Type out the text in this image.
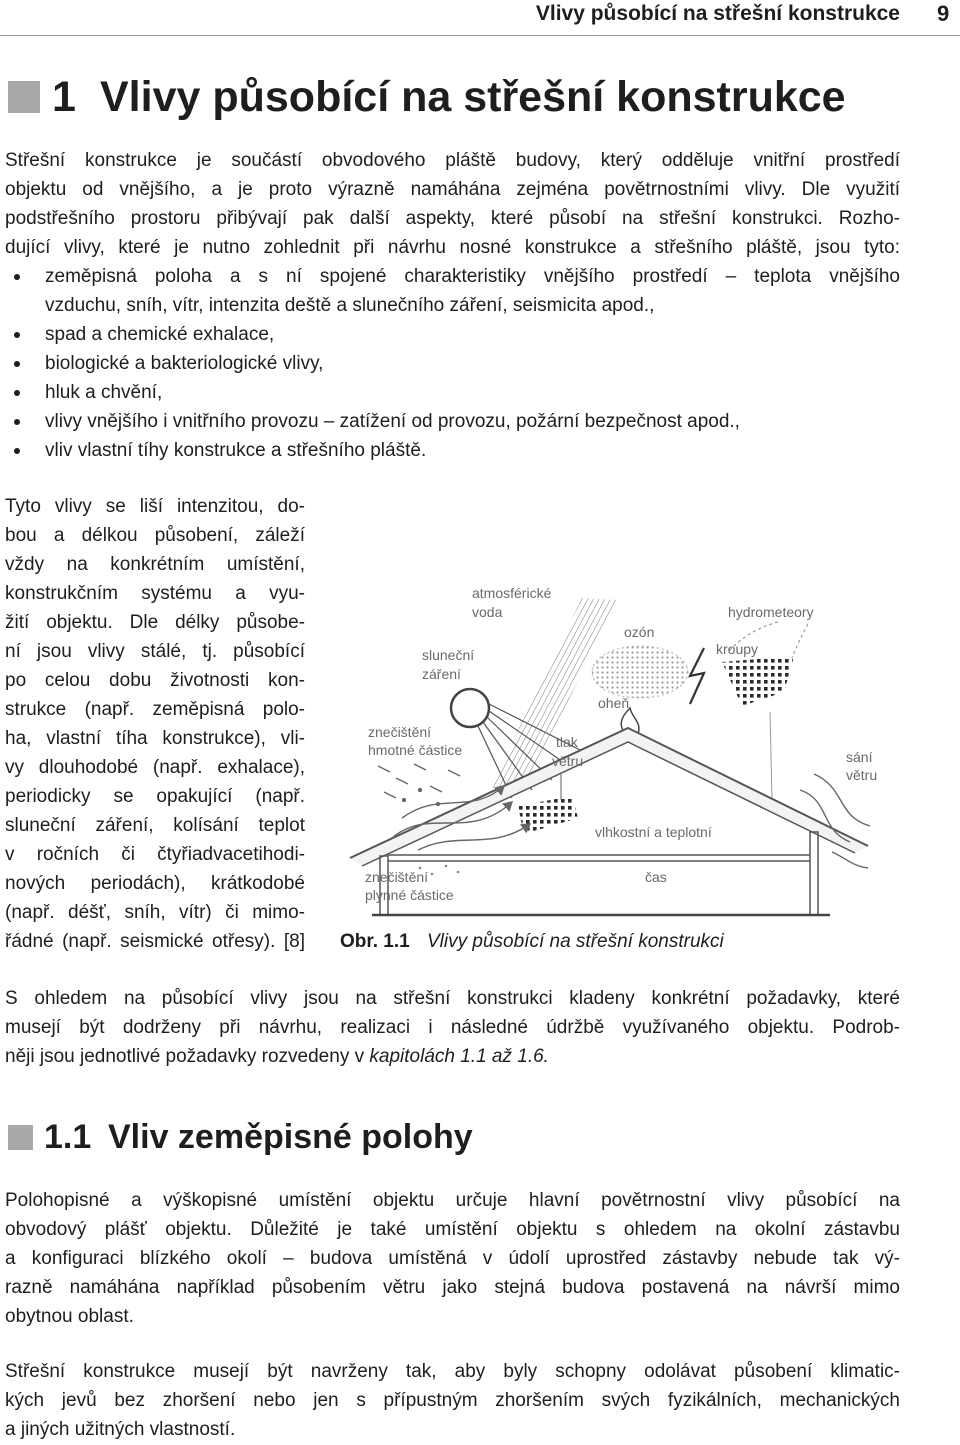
Vlivy působící na střešní konstrukce 9
1 Vlivy působící na střešní konstrukce
Střešní konstrukce je součástí obvodového pláště budovy, který odděluje vnitřní prostředí
objektu od vnějšího, a je proto výrazně namáhána zejména povětrnostními vlivy. Dle využití
podstřešního prostoru přibývají pak další aspekty, které působí na střešní konstrukci. Rozho-
dující vlivy, které je nutno zohlednit při návrhu nosné konstrukce a střešního pláště, jsou tyto:
zeměpisná poloha a s ní spojené charakteristiky vnějšího prostředí – teplota vnějšího
vzduchu, sníh, vítr, intenzita deště a slunečního záření, seismicita apod.,
spad a chemické exhalace,
biologické a bakteriologické vlivy,
hluk a chvění,
vlivy vnějšího i vnitřního provozu – zatížení od provozu, požární bezpečnost apod.,
vliv vlastní tíhy konstrukce a střešního pláště.
Tyto vlivy se liší intenzitou, do-
bou a délkou působení, záleží
vždy na konkrétním umístění,
konstrukčním systému a vyu-
žití objektu. Dle délky působe-
ní jsou vlivy stálé, tj. působící
po celou dobu životnosti kon-
strukce (např. zeměpisná polo-
ha, vlastní tíha konstrukce), vli-
vy dlouhodobé (např. exhalace),
periodicky se opakující (např.
sluneční záření, kolísání teplot
v ročních či čtyřiadvacetihodi-
nových periodách), krátkodobé
(např. déšť, sníh, vítr) či mimo-
řádné (např. seismické otřesy). [8]
atmosférické
voda
ozón
hydrometeory
kroupy
sluneční
záření
oheň
znečištění
hmotné částice	tlak
větru	sání
větru
vlhkostní a teplotní
čas
znečištění
plynné částice
Obr. 1.1 Vlivy působící na střešní konstrukci
S ohledem na působící vlivy jsou na střešní konstrukci kladeny konkrétní požadavky, které
musejí být dodrženy při návrhu, realizaci i následné údržbě využívaného objektu. Podrob-
něji jsou jednotlivé požadavky rozvedeny v kapitolách 1.1 až 1.6.
1.1 Vliv zeměpisné polohy
Polohopisné a výškopisné umístění objektu určuje hlavní povětrnostní vlivy působící na
obvodový plášť objektu. Důležité je také umístění objektu s ohledem na okolní zástavbu
a konfiguraci blízkého okolí – budova umístěná v údolí uprostřed zástavby nebude tak vý-
razně namáhána například působením větru jako stejná budova postavená na návrší mimo
obytnou oblast.
Střešní konstrukce musejí být navrženy tak, aby byly schopny odolávat působení klimatic-
kých jevů bez zhoršení nebo jen s přípustným zhoršením svých fyzikálních, mechanických
a jiných užitných vlastností.
